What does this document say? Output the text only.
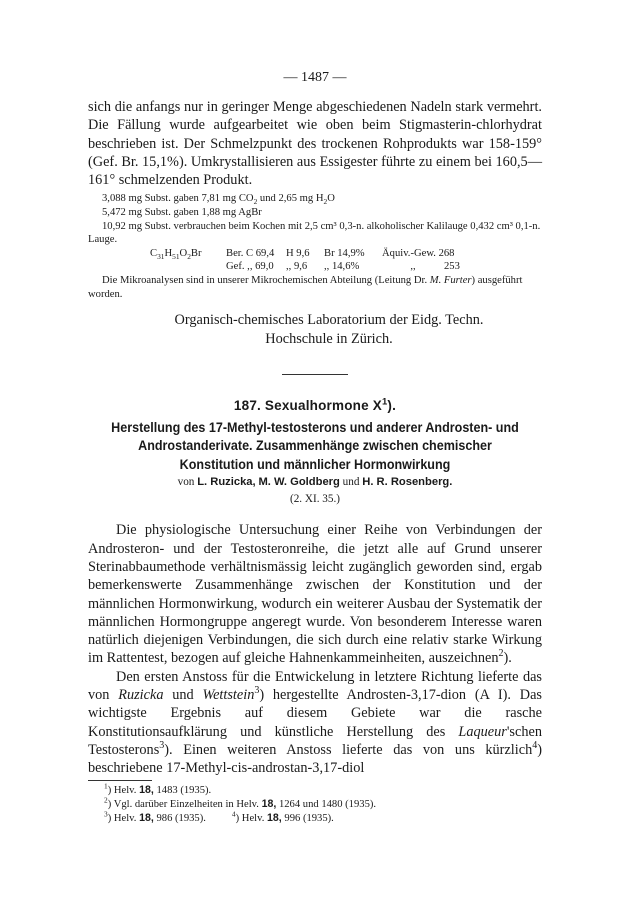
— 1487 —

sich die anfangs nur in geringer Menge abgeschiedenen Nadeln stark vermehrt. Die Fällung wurde aufgearbeitet wie oben beim Stigmasterin-chlorhydrat beschrieben ist. Der Schmelzpunkt des trockenen Rohprodukts war 158-159° (Gef. Br. 15,1%). Umkrystallisieren aus Essigester führte zu einem bei 160,5—161° schmelzenden Produkt.

3,088 mg Subst. gaben 7,81 mg $CO_2$ und 2,65 mg $H_2O$

5,472 mg Subst. gaben 1,88 mg AgBr

10,92 mg Subst. verbrauchen beim Kochen mit 2,5 cm³ 0,3-n. alkoholischer Kalilauge 0,432 cm³ 0,1-n. Lauge.

$C_{31}H_{51}O_2Br$ Ber. C 69,4 H 9,6 Br 14,9% Äquiv.-Gew. 268
Gef. ,, 69,0 ,, 9,6 ,, 14,6%	,,	253

Die Mikroanalysen sind in unserer Mikrochemischen Abteilung (Leitung Dr. M. Furter) ausgeführt worden.

Organisch-chemisches Laboratorium der Eidg. Techn.
Hochschule in Zürich.
187. Sexualhormone $X^1$).
Herstellung des 17-Methyl-testosterons und anderer Androsten- und Androstanderivate. Zusammenhänge zwischen chemischer Konstitution und männlicher Hormonwirkung
von L. Ruzicka, M. W. Goldberg und H. R. Rosenberg.
(2. XI. 35.)

Die physiologische Untersuchung einer Reihe von Verbindungen der Androsteron- und der Testosteronreihe, die jetzt alle auf Grund unserer Sterinabbaumethode verhältnismässig leicht zugänglich geworden sind, ergab bemerkenswerte Zusammenhänge zwischen der Konstitution und der männlichen Hormonwirkung, wodurch ein weiterer Ausbau der Systematik der männlichen Hormongruppe angeregt wurde. Von besonderem Interesse waren natürlich diejenigen Verbindungen, die sich durch eine relativ starke Wirkung im Rattentest, bezogen auf gleiche Hahnenkammeinheiten, auszeichnen$^2$).

Den ersten Anstoss für die Entwickelung in letztere Richtung lieferte das von Ruzicka und Wettstein$^3$) hergestellte Androsten-3,17-dion (A I). Das wichtigste Ergebnis auf diesem Gebiete war die rasche Konstitutionsaufklärung und künstliche Herstellung des Laqueur'schen Testosterons$^3$). Einen weiteren Anstoss lieferte das von uns kürzlich$^4$) beschriebene 17-Methyl-cis-androstan-3,17-diol

$^1$) Helv. 18, 1483 (1935).
$^2$) Vgl. darüber Einzelheiten in Helv. 18, 1264 und 1480 (1935).
$^3$) Helv. 18, 986 (1935).	$^4$) Helv. 18, 996 (1935).
